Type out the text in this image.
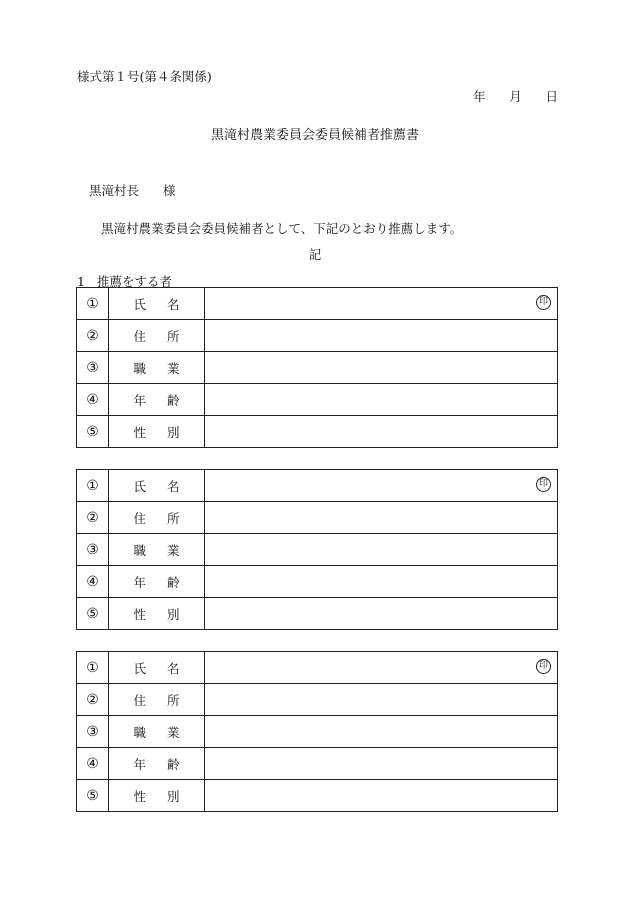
様式第１号(第４条関係)
年 月 日
黒滝村農業委員会委員候補者推薦書
黒滝村長 様
黒滝村農業委員会委員候補者として、下記のとおり推薦します。
記
1 推薦をする者
①	氏 名	印

②	住 所	

③	職 業	

④	年 齢	

⑤	性 別	

①	氏 名	印

②	住 所	

③	職 業	

④	年 齢	

⑤	性 別	

①	氏 名	印

②	住 所	

③	職 業	

④	年 齢	

⑤	性 別	
